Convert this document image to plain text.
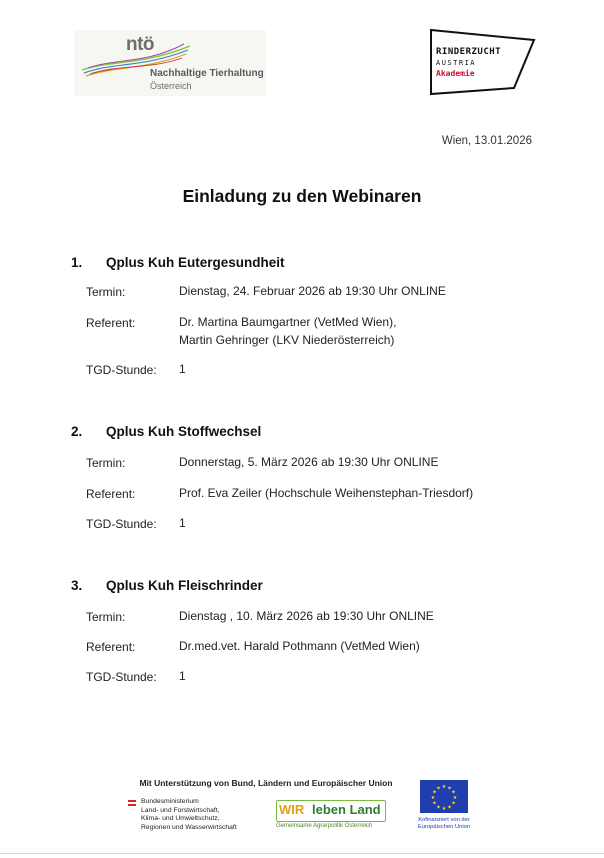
ntö
Nachhaltige Tierhaltung
Österreich
RINDERZUCHT
AUSTRIA
Akademie
Wien, 13.01.2026
Einladung zu den Webinaren
1. Qplus Kuh Eutergesundheit
Termin:	Dienstag, 24. Februar 2026 ab 19:30 Uhr ONLINE
Referent:	Dr. Martina Baumgartner (VetMed Wien),
Martin Gehringer (LKV Niederösterreich)
TGD-Stunde: 1
2. Qplus Kuh Stoffwechsel
Termin:	Donnerstag, 5. März 2026 ab 19:30 Uhr ONLINE
Referent:	Prof. Eva Zeiler (Hochschule Weihenstephan-Triesdorf)
TGD-Stunde: 1
3. Qplus Kuh Fleischrinder
Termin:	Dienstag , 10. März 2026 ab 19:30 Uhr ONLINE
Referent:	Dr.med.vet. Harald Pothmann (VetMed Wien)
TGD-Stunde: 1
Mit Unterstützung von Bund, Ländern und Europäischer Union
Bundesministerium
Land- und Forstwirtschaft,
Klima- und Umweltschutz,
Regionen und Wasserwirtschaft
WIR leben Land
Gemeinsame Agrarpolitik Österreich
★ ★
★
★
★
★
★
★
★
★
★
★
Kofinanziert von der
Europäischen Union
